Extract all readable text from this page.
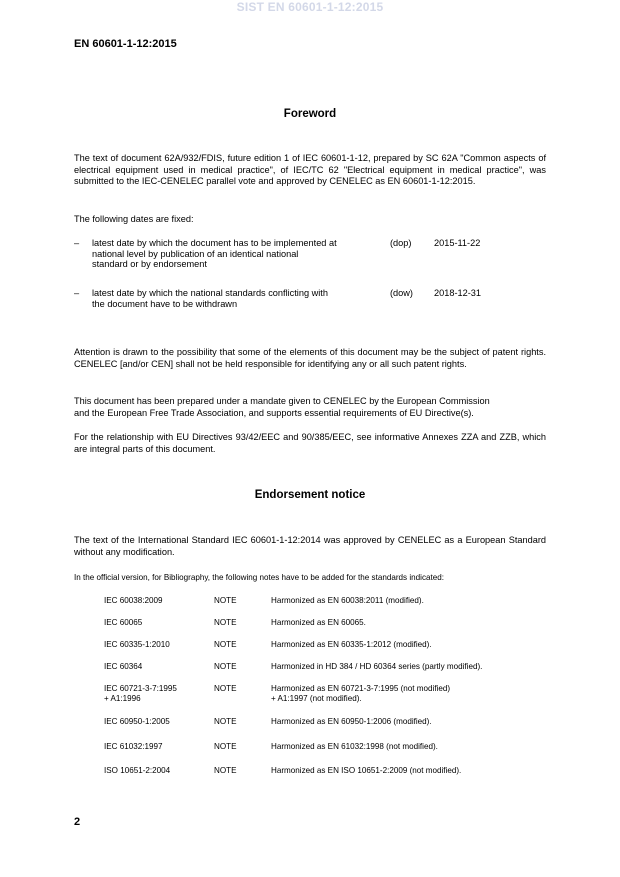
SIST EN 60601-1-12:2015
EN 60601-1-12:2015
Foreword
The text of document 62A/932/FDIS, future edition 1 of IEC 60601-1-12, prepared by SC 62A "Common aspects of electrical equipment used in medical practice", of IEC/TC 62 "Electrical equipment in medical practice", was submitted to the IEC-CENELEC parallel vote and approved by CENELEC as EN 60601-1-12:2015.
The following dates are fixed:
– latest date by which the document has to be implemented at
national level by publication of an identical national
standard or by endorsement
(dop) 2015-11-22
– latest date by which the national standards conflicting with
the document have to be withdrawn
(dow) 2018-12-31
Attention is drawn to the possibility that some of the elements of this document may be the subject of patent rights. CENELEC [and/or CEN] shall not be held responsible for identifying any or all such patent rights.
This document has been prepared under a mandate given to CENELEC by the European Commission
and the European Free Trade Association, and supports essential requirements of EU Directive(s).
For the relationship with EU Directives 93/42/EEC and 90/385/EEC, see informative Annexes ZZA and ZZB, which are integral parts of this document.
Endorsement notice
The text of the International Standard IEC 60601-1-12:2014 was approved by CENELEC as a European Standard without any modification.
In the official version, for Bibliography, the following notes have to be added for the standards indicated:
IEC 60038:2009	NOTE	Harmonized as EN 60038:2011 (modified).
IEC 60065	NOTE	Harmonized as EN 60065.
IEC 60335-1:2010	NOTE	Harmonized as EN 60335-1:2012 (modified).
IEC 60364	NOTE	Harmonized in HD 384 / HD 60364 series (partly modified).
IEC 60721-3-7:1995
+ A1:1996
NOTE	Harmonized as EN 60721-3-7:1995 (not modified)
+ A1:1997 (not modified).
IEC 60950-1:2005	NOTE	Harmonized as EN 60950-1:2006 (modified).
IEC 61032:1997	NOTE	Harmonized as EN 61032:1998 (not modified).
ISO 10651-2:2004	NOTE	Harmonized as EN ISO 10651-2:2009 (not modified).
2
